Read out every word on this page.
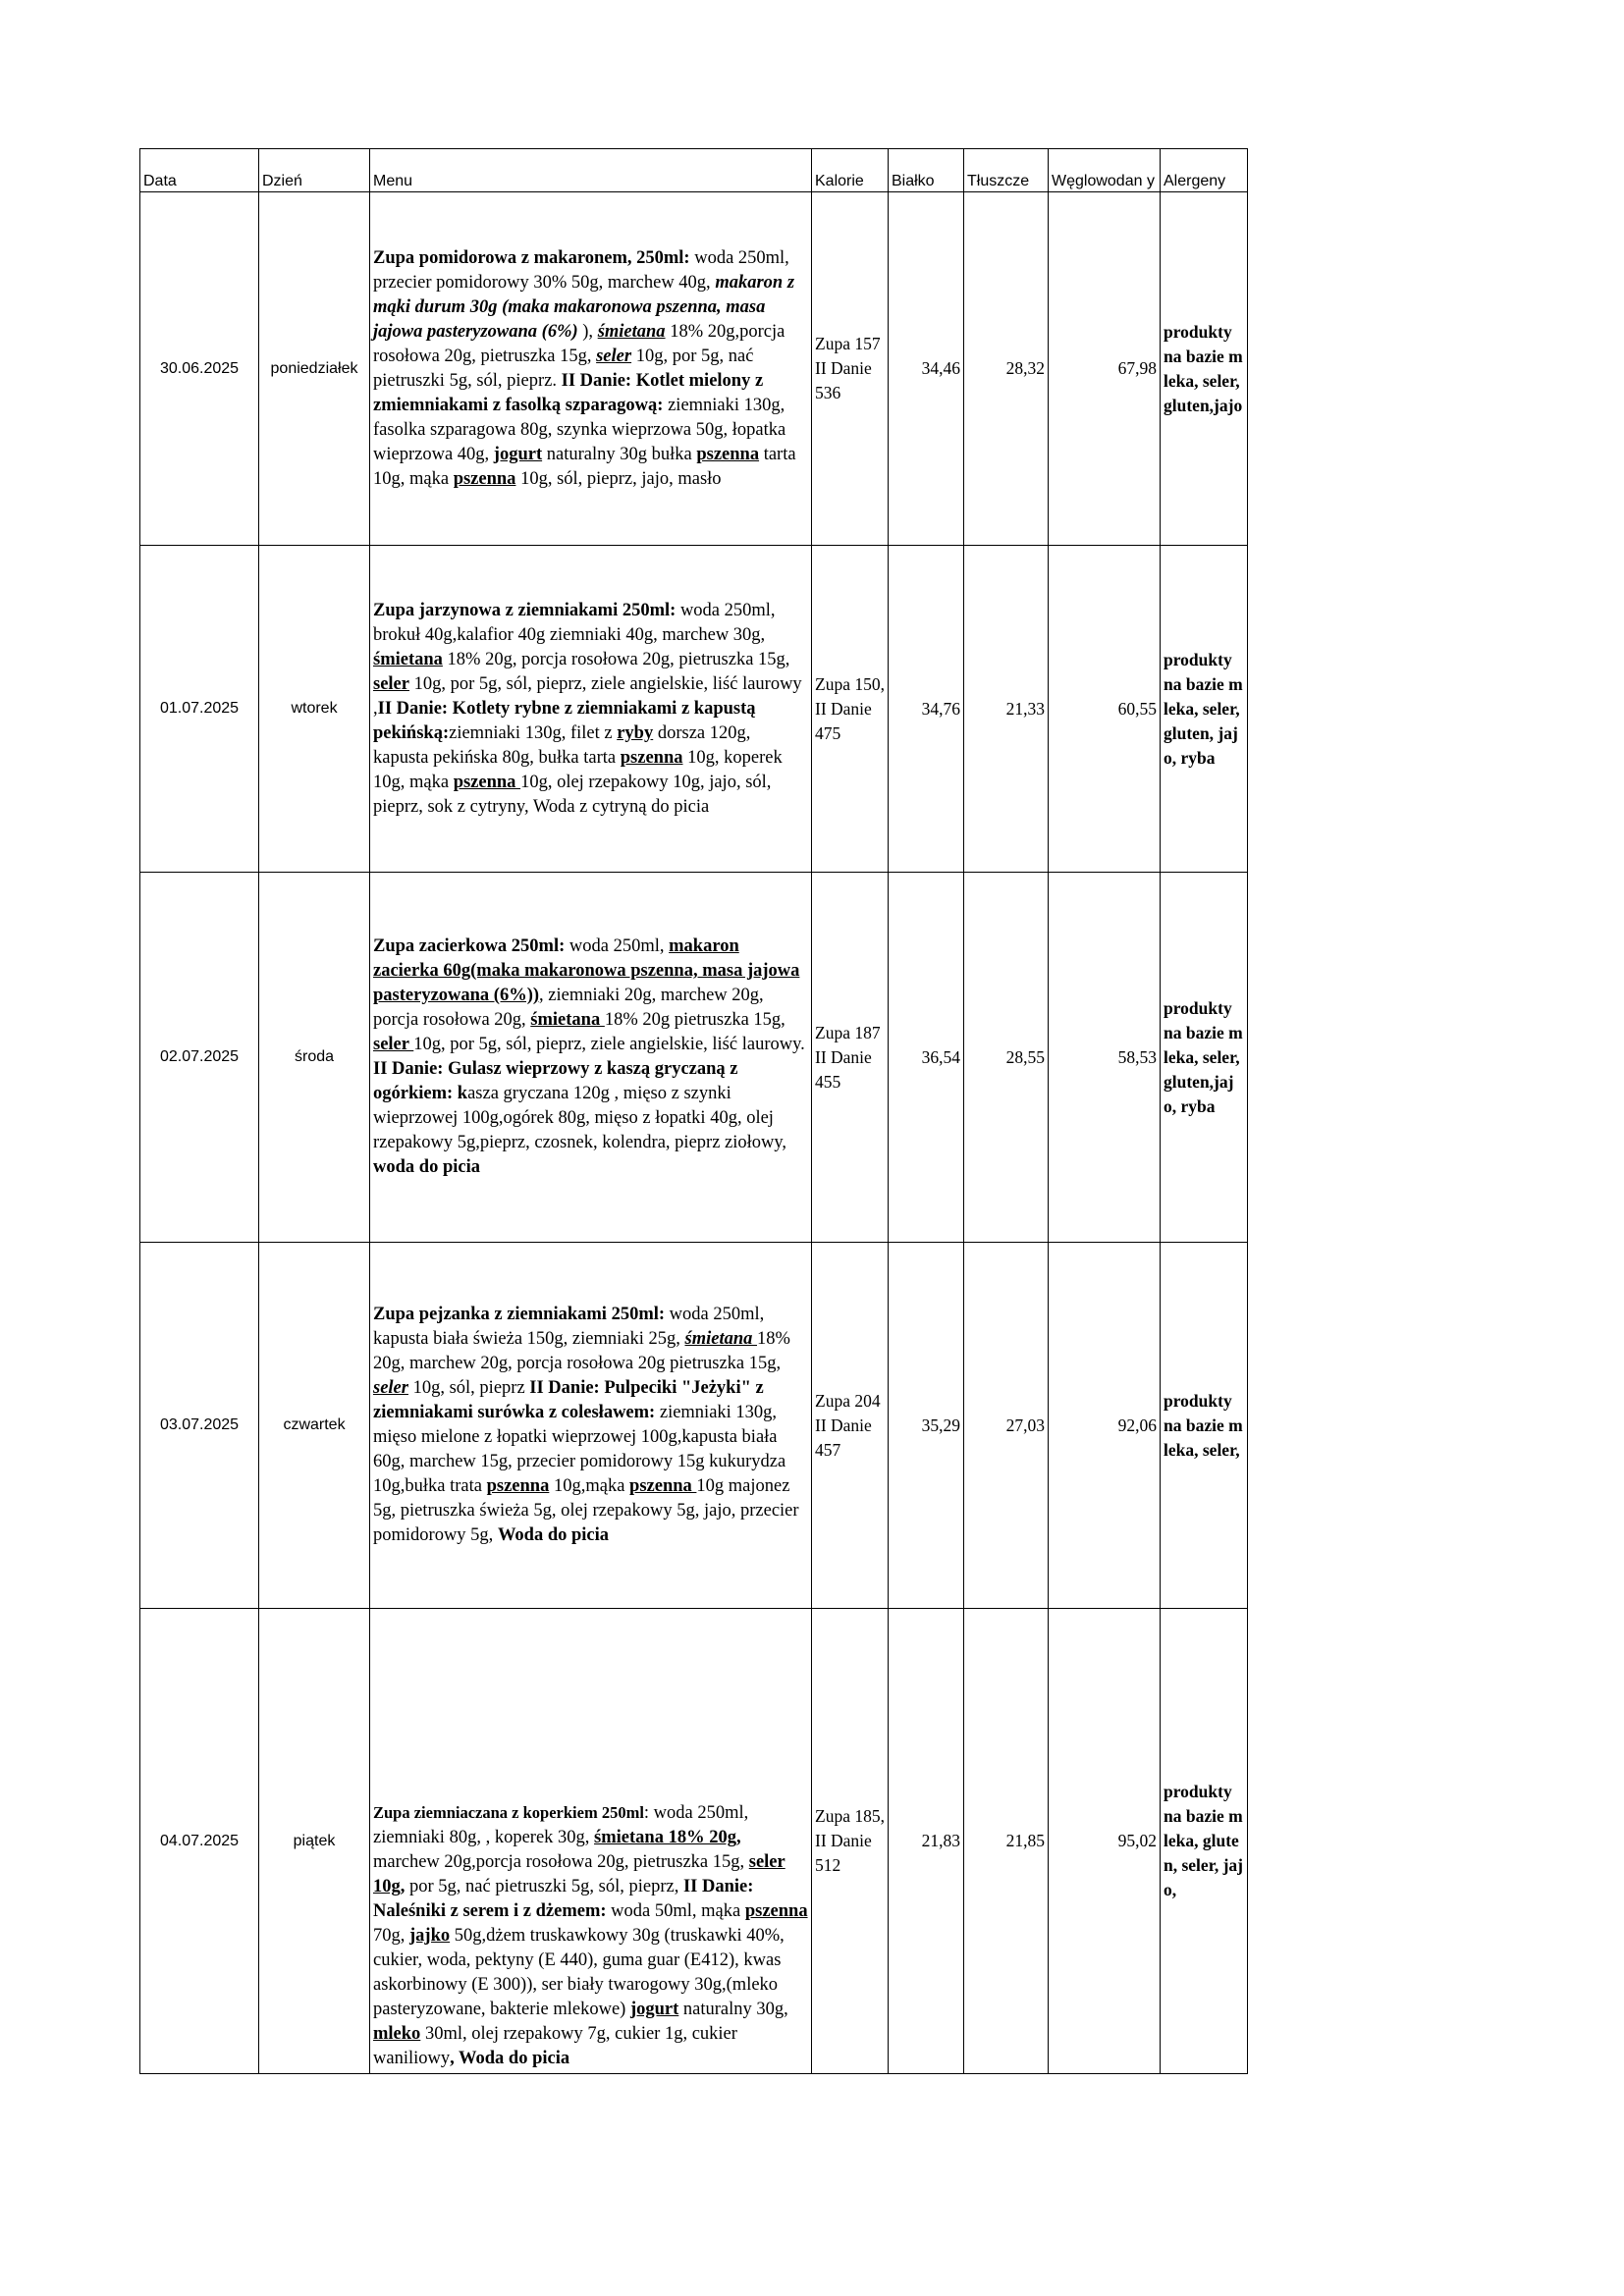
Data	Dzień	Menu	Kalorie	Białko	Tłuszcze	Węglowodan y	Alergeny
30.06.2025	poniedziałek	Zupa pomidorowa z makaronem, 250ml: woda 250ml, przecier pomidorowy 30% 50g, marchew 40g, makaron z mąki durum 30g (maka makaronowa pszenna, masa jajowa pasteryzowana (6%) ), śmietana 18% 20g,porcja rosołowa 20g, pietruszka 15g, seler 10g, por 5g, nać pietruszki 5g, sól, pieprz. II Danie: Kotlet mielony z zmiemniakami z fasolką szparagową: ziemniaki 130g, fasolka szparagowa 80g, szynka wieprzowa 50g, łopatka wieprzowa 40g, jogurt naturalny 30g bułka pszenna tarta 10g, mąka pszenna 10g, sól, pieprz, jajo, masło	Zupa 157 II Danie 536	34,46	28,32	67,98	produkty na bazie mleka, seler, gluten,jajo
01.07.2025	wtorek	Zupa jarzynowa z ziemniakami 250ml: woda 250ml, brokuł 40g,kalafior 40g ziemniaki 40g, marchew 30g, śmietana 18% 20g, porcja rosołowa 20g, pietruszka 15g, seler 10g, por 5g, sól, pieprz, ziele angielskie, liść laurowy ,II Danie: Kotlety rybne z ziemniakami z kapustą pekińską:ziemniaki 130g, filet z ryby dorsza 120g, kapusta pekińska 80g, bułka tarta pszenna 10g, koperek 10g, mąka pszenna 10g, olej rzepakowy 10g, jajo, sól, pieprz, sok z cytryny, Woda z cytryną do picia	Zupa 150, II Danie 475	34,76	21,33	60,55	produkty na bazie mleka, seler, gluten, jajo, ryba
02.07.2025	środa	Zupa zacierkowa 250ml: woda 250ml, makaron zacierka 60g(maka makaronowa pszenna, masa jajowa pasteryzowana (6%)), ziemniaki 20g, marchew 20g, porcja rosołowa 20g, śmietana 18% 20g pietruszka 15g, seler 10g, por 5g, sól, pieprz, ziele angielskie, liść laurowy. II Danie: Gulasz wieprzowy z kaszą gryczaną z ogórkiem: kasza gryczana 120g , mięso z szynki wieprzowej 100g,ogórek 80g, mięso z łopatki 40g, olej rzepakowy 5g,pieprz, czosnek, kolendra, pieprz ziołowy, woda do picia	Zupa 187 II Danie 455	36,54	28,55	58,53	produkty na bazie mleka, seler, gluten,jajo, ryba
03.07.2025	czwartek	Zupa pejzanka z ziemniakami 250ml: woda 250ml, kapusta biała świeża 150g, ziemniaki 25g, śmietana 18% 20g, marchew 20g, porcja rosołowa 20g pietruszka 15g, seler 10g, sól, pieprz II Danie: Pulpeciki "Jeżyki" z ziemniakami surówka z colesławem: ziemniaki 130g, mięso mielone z łopatki wieprzowej 100g,kapusta biała 60g, marchew 15g, przecier pomidorowy 15g kukurydza 10g,bułka trata pszenna 10g,mąka pszenna 10g majonez 5g, pietruszka świeża 5g, olej rzepakowy 5g, jajo, przecier pomidorowy 5g, Woda do picia	Zupa 204 II Danie 457	35,29	27,03	92,06	produkty na bazie mleka, seler,
04.07.2025	piątek	Zupa ziemniaczana z koperkiem 250ml: woda 250ml, ziemniaki 80g, , koperek 30g, śmietana 18% 20g, marchew 20g,porcja rosołowa 20g, pietruszka 15g, seler 10g, por 5g, nać pietruszki 5g, sól, pieprz, II Danie: Naleśniki z serem i z dżemem: woda 50ml, mąka pszenna 70g, jajko 50g,dżem truskawkowy 30g (truskawki 40%, cukier, woda, pektyny (E 440), guma guar (E412), kwas askorbinowy (E 300)), ser biały twarogowy 30g,(mleko pasteryzowane, bakterie mlekowe) jogurt naturalny 30g, mleko 30ml, olej rzepakowy 7g, cukier 1g, cukier waniliowy, Woda do picia	Zupa 185, II Danie 512	21,83	21,85	95,02	produkty na bazie mleka, gluten, seler, jajo,
